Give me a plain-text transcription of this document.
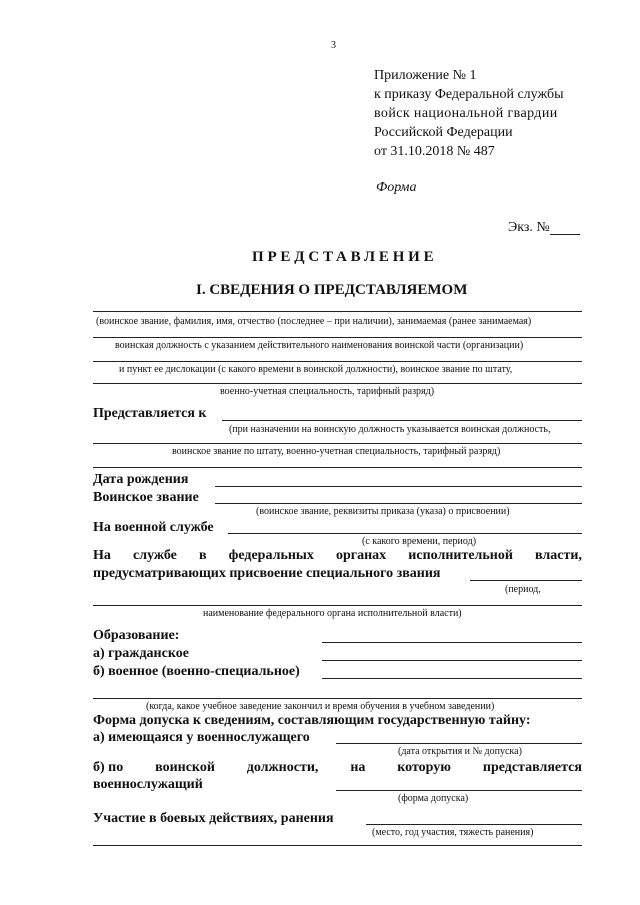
3
Приложение № 1
к приказу Федеральной службы
войск национальной гвардии
Российской Федерации
от 31.10.2018 № 487
Форма
Экз. №
ПРЕДСТАВЛЕНИЕ
I. СВЕДЕНИЯ О ПРЕДСТАВЛЯЕМОМ
(воинское звание, фамилия, имя, отчество (последнее – при наличии), занимаемая (ранее занимаемая)
воинская должность с указанием действительного наименования воинской части (организации)
и пункт ее дислокации (с какого времени в воинской должности), воинское звание по штату,
военно-учетная специальность, тарифный разряд)
Представляется к
(при назначении на воинскую должность указывается воинская должность,
воинское звание по штату, военно-учетная специальность, тарифный разряд)
Дата рождения
Воинское звание
(воинское звание, реквизиты приказа (указа) о присвоении)
На военной службе
(с какого времени, период)
На службе в федеральных органах исполнительной власти,
предусматривающих присвоение специального звания
(период,
наименование федерального органа исполнительной власти)
Образование:
а) гражданское
б) военное (военно-специальное)
(когда, какое учебное заведение закончил и время обучения в учебном заведении)
Форма допуска к сведениям, составляющим государственную тайну:
а) имеющаяся у военнослужащего
(дата открытия и № допуска)
б) по воинской должности, на которую представляется
военнослужащий
(форма допуска)
Участие в боевых действиях, ранения
(место, год участия, тяжесть ранения)
